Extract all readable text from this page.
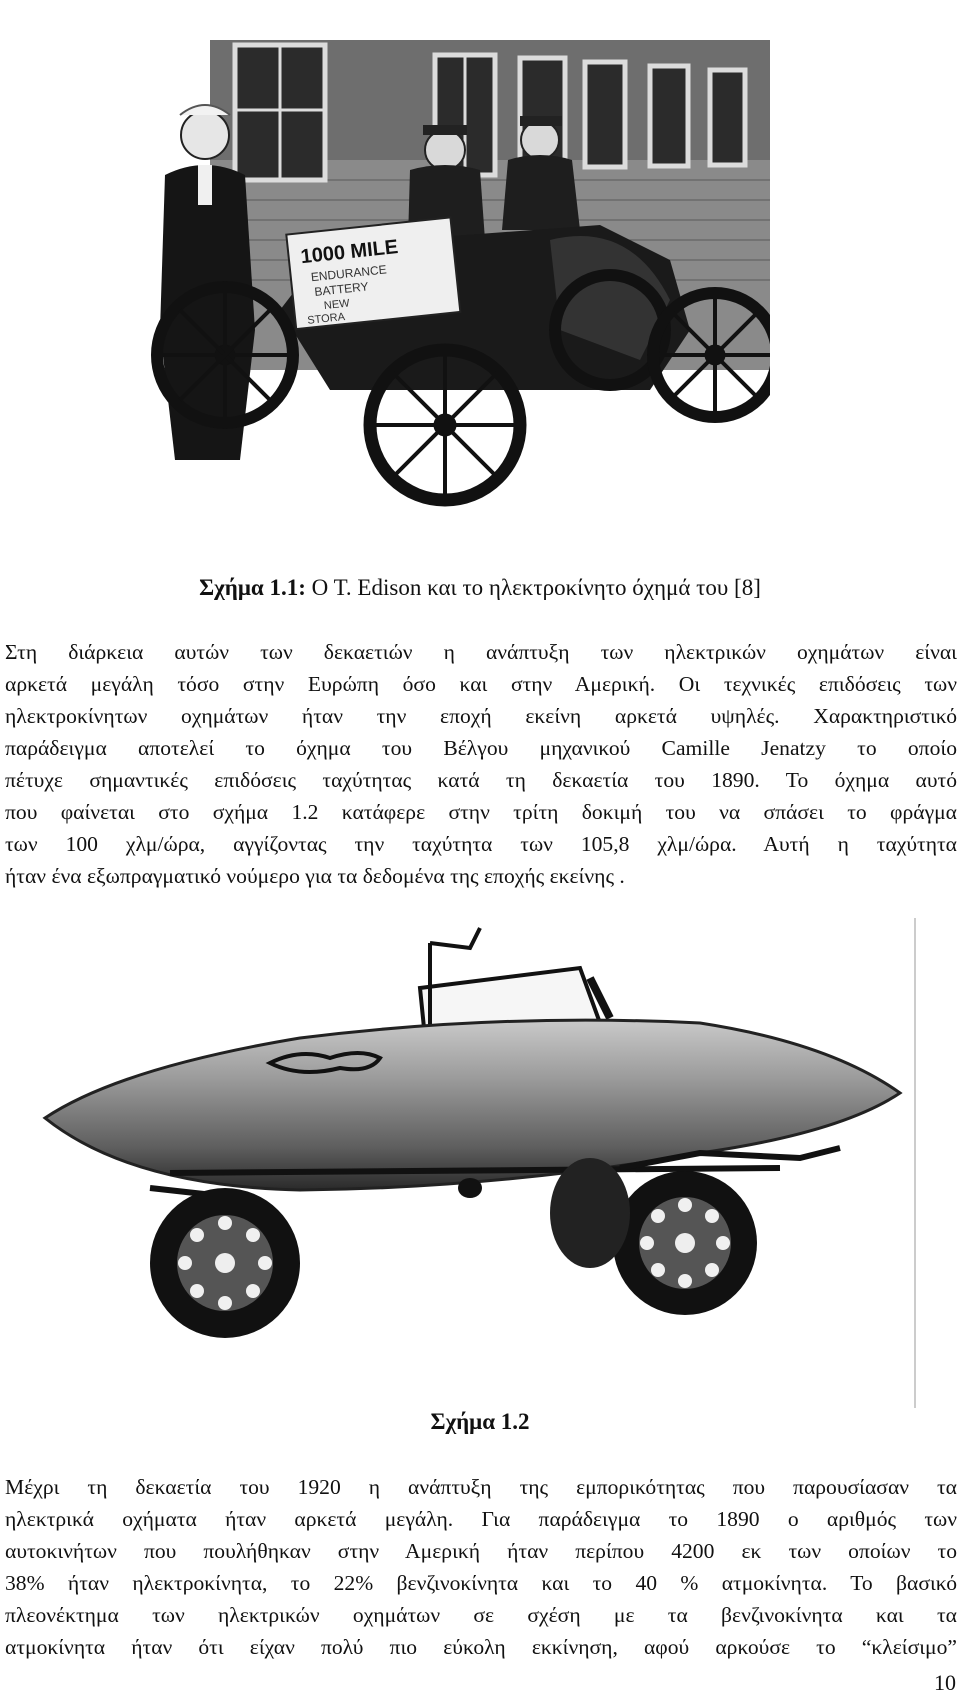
1000 MILE
ENDURANCE
BATTERY
NEW
STORA
Σχήμα 1.1: Ο Τ. Edison και το ηλεκτροκίνητο όχημά του [8]

Στη διάρκεια αυτών των δεκαετιών η ανάπτυξη των ηλεκτρικών οχημάτων είναι
αρκετά μεγάλη τόσο στην Ευρώπη όσο και στην Αμερική. Οι τεχνικές επιδόσεις των
ηλεκτροκίνητων οχημάτων ήταν την εποχή εκείνη αρκετά υψηλές. Χαρακτηριστικό
παράδειγμα αποτελεί το όχημα του Βέλγου μηχανικού Camille Jenatzy το οποίο
πέτυχε σημαντικές επιδόσεις ταχύτητας κατά τη δεκαετία του 1890. Το όχημα αυτό
που φαίνεται στο σχήμα 1.2 κατάφερε στην τρίτη δοκιμή του να σπάσει το φράγμα
των 100 χλμ/ώρα, αγγίζοντας την ταχύτητα των 105,8 χλμ/ώρα. Αυτή η ταχύτητα
ήταν ένα εξωπραγματικό νούμερο για τα δεδομένα της εποχής εκείνης .

Σχήμα 1.2

Μέχρι τη δεκαετία του 1920 η ανάπτυξη της εμπορικότητας που παρουσίασαν τα
ηλεκτρικά οχήματα ήταν αρκετά μεγάλη. Για παράδειγμα το 1890 ο αριθμός των
αυτοκινήτων που πουλήθηκαν στην Αμερική ήταν περίπου 4200 εκ των οποίων το
38% ήταν ηλεκτροκίνητα, το 22% βενζινοκίνητα και το 40 % ατμοκίνητα. Το βασικό
πλεονέκτημα των ηλεκτρικών οχημάτων σε σχέση με τα βενζινοκίνητα και τα
ατμοκίνητα ήταν ότι είχαν πολύ πιο εύκολη εκκίνηση, αφού αρκούσε το “κλείσιμο”

10
